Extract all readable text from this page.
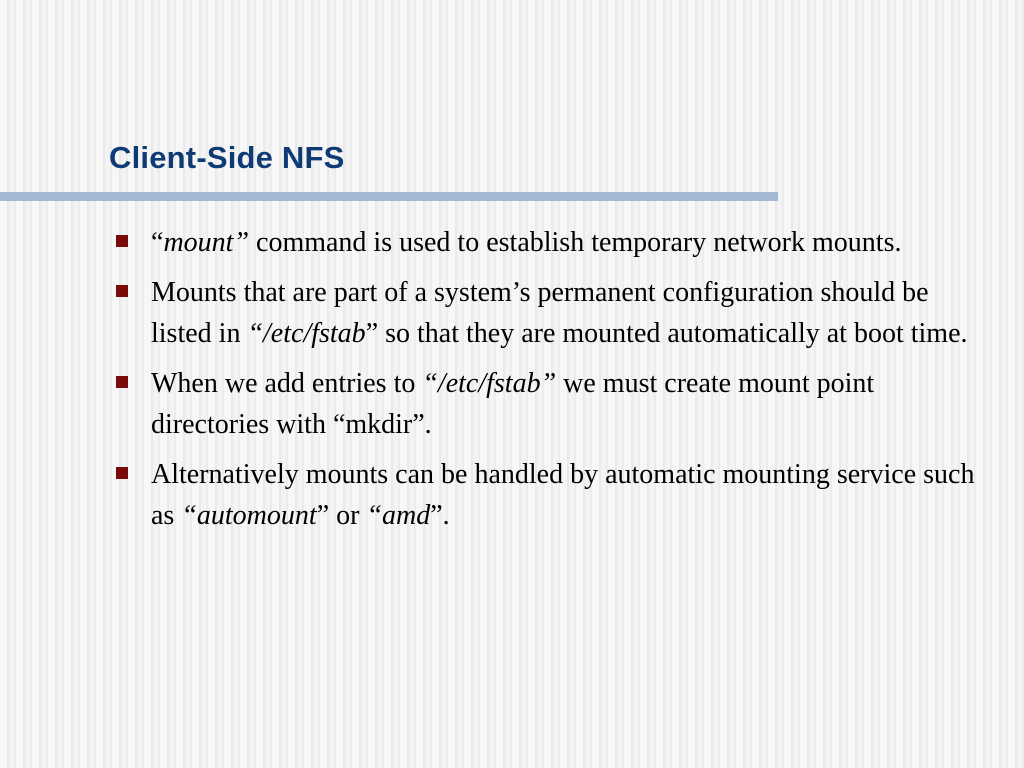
Client-Side NFS
“mount” command is used to establish temporary network mounts.
Mounts that are part of a system’s permanent configuration should be listed in “/etc/fstab” so that they are mounted automatically at boot time.
When we add entries to “/etc/fstab” we must create mount point directories with “mkdir”.
Alternatively mounts can be handled by automatic mounting service such as “automount” or “amd”.
